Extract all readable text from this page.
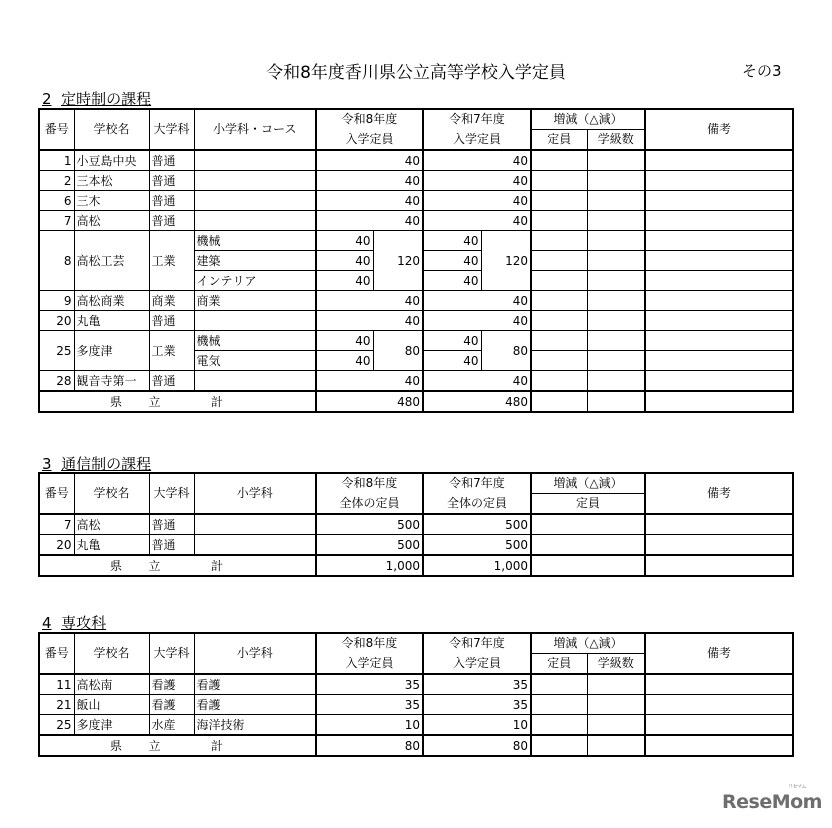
令和8年度香川県公立高等学校入学定員	その3
2 定時制の課程
番号	学校名	大学科	小学科・コース	令和8年度		令和7年度		増減（△減）		備考
				入学定員		入学定員		定員	学級数	
1	小豆島中央	普通		40		40				
2	三本松	普通		40		40				
6	三木	普通		40		40				
7	高松	普通		40		40				
8	高松工芸	工業	機械	40	120	40	120			
			建築	40		40				
			インテリア	40		40				
9	高松商業	商業	商業	40		40				
20	丸亀	普通		40		40				
25	多度津	工業	機械	40	80	40	80			
			電気	40		40				
28	観音寺第一	普通		40		40				
県 立 計				480		480				
3 通信制の課程
番号	学校名	大学科	小学科	令和8年度	令和7年度	増減（△減）	備考
				全体の定員	全体の定員	定員	
7	高松	普通		500	500		
20	丸亀	普通		500	500		
県 立 計				1,000	1,000		
4 専攻科
番号	学校名	大学科	小学科	令和8年度	令和7年度	増減（△減）		備考
				入学定員	入学定員	定員	学級数	
11	高松南	看護	看護	35	35			
21	飯山	看護	看護	35	35			
25	多度津	水産	海洋技術	10	10			
県 立 計				80	80			
ReseMom
リセマム
